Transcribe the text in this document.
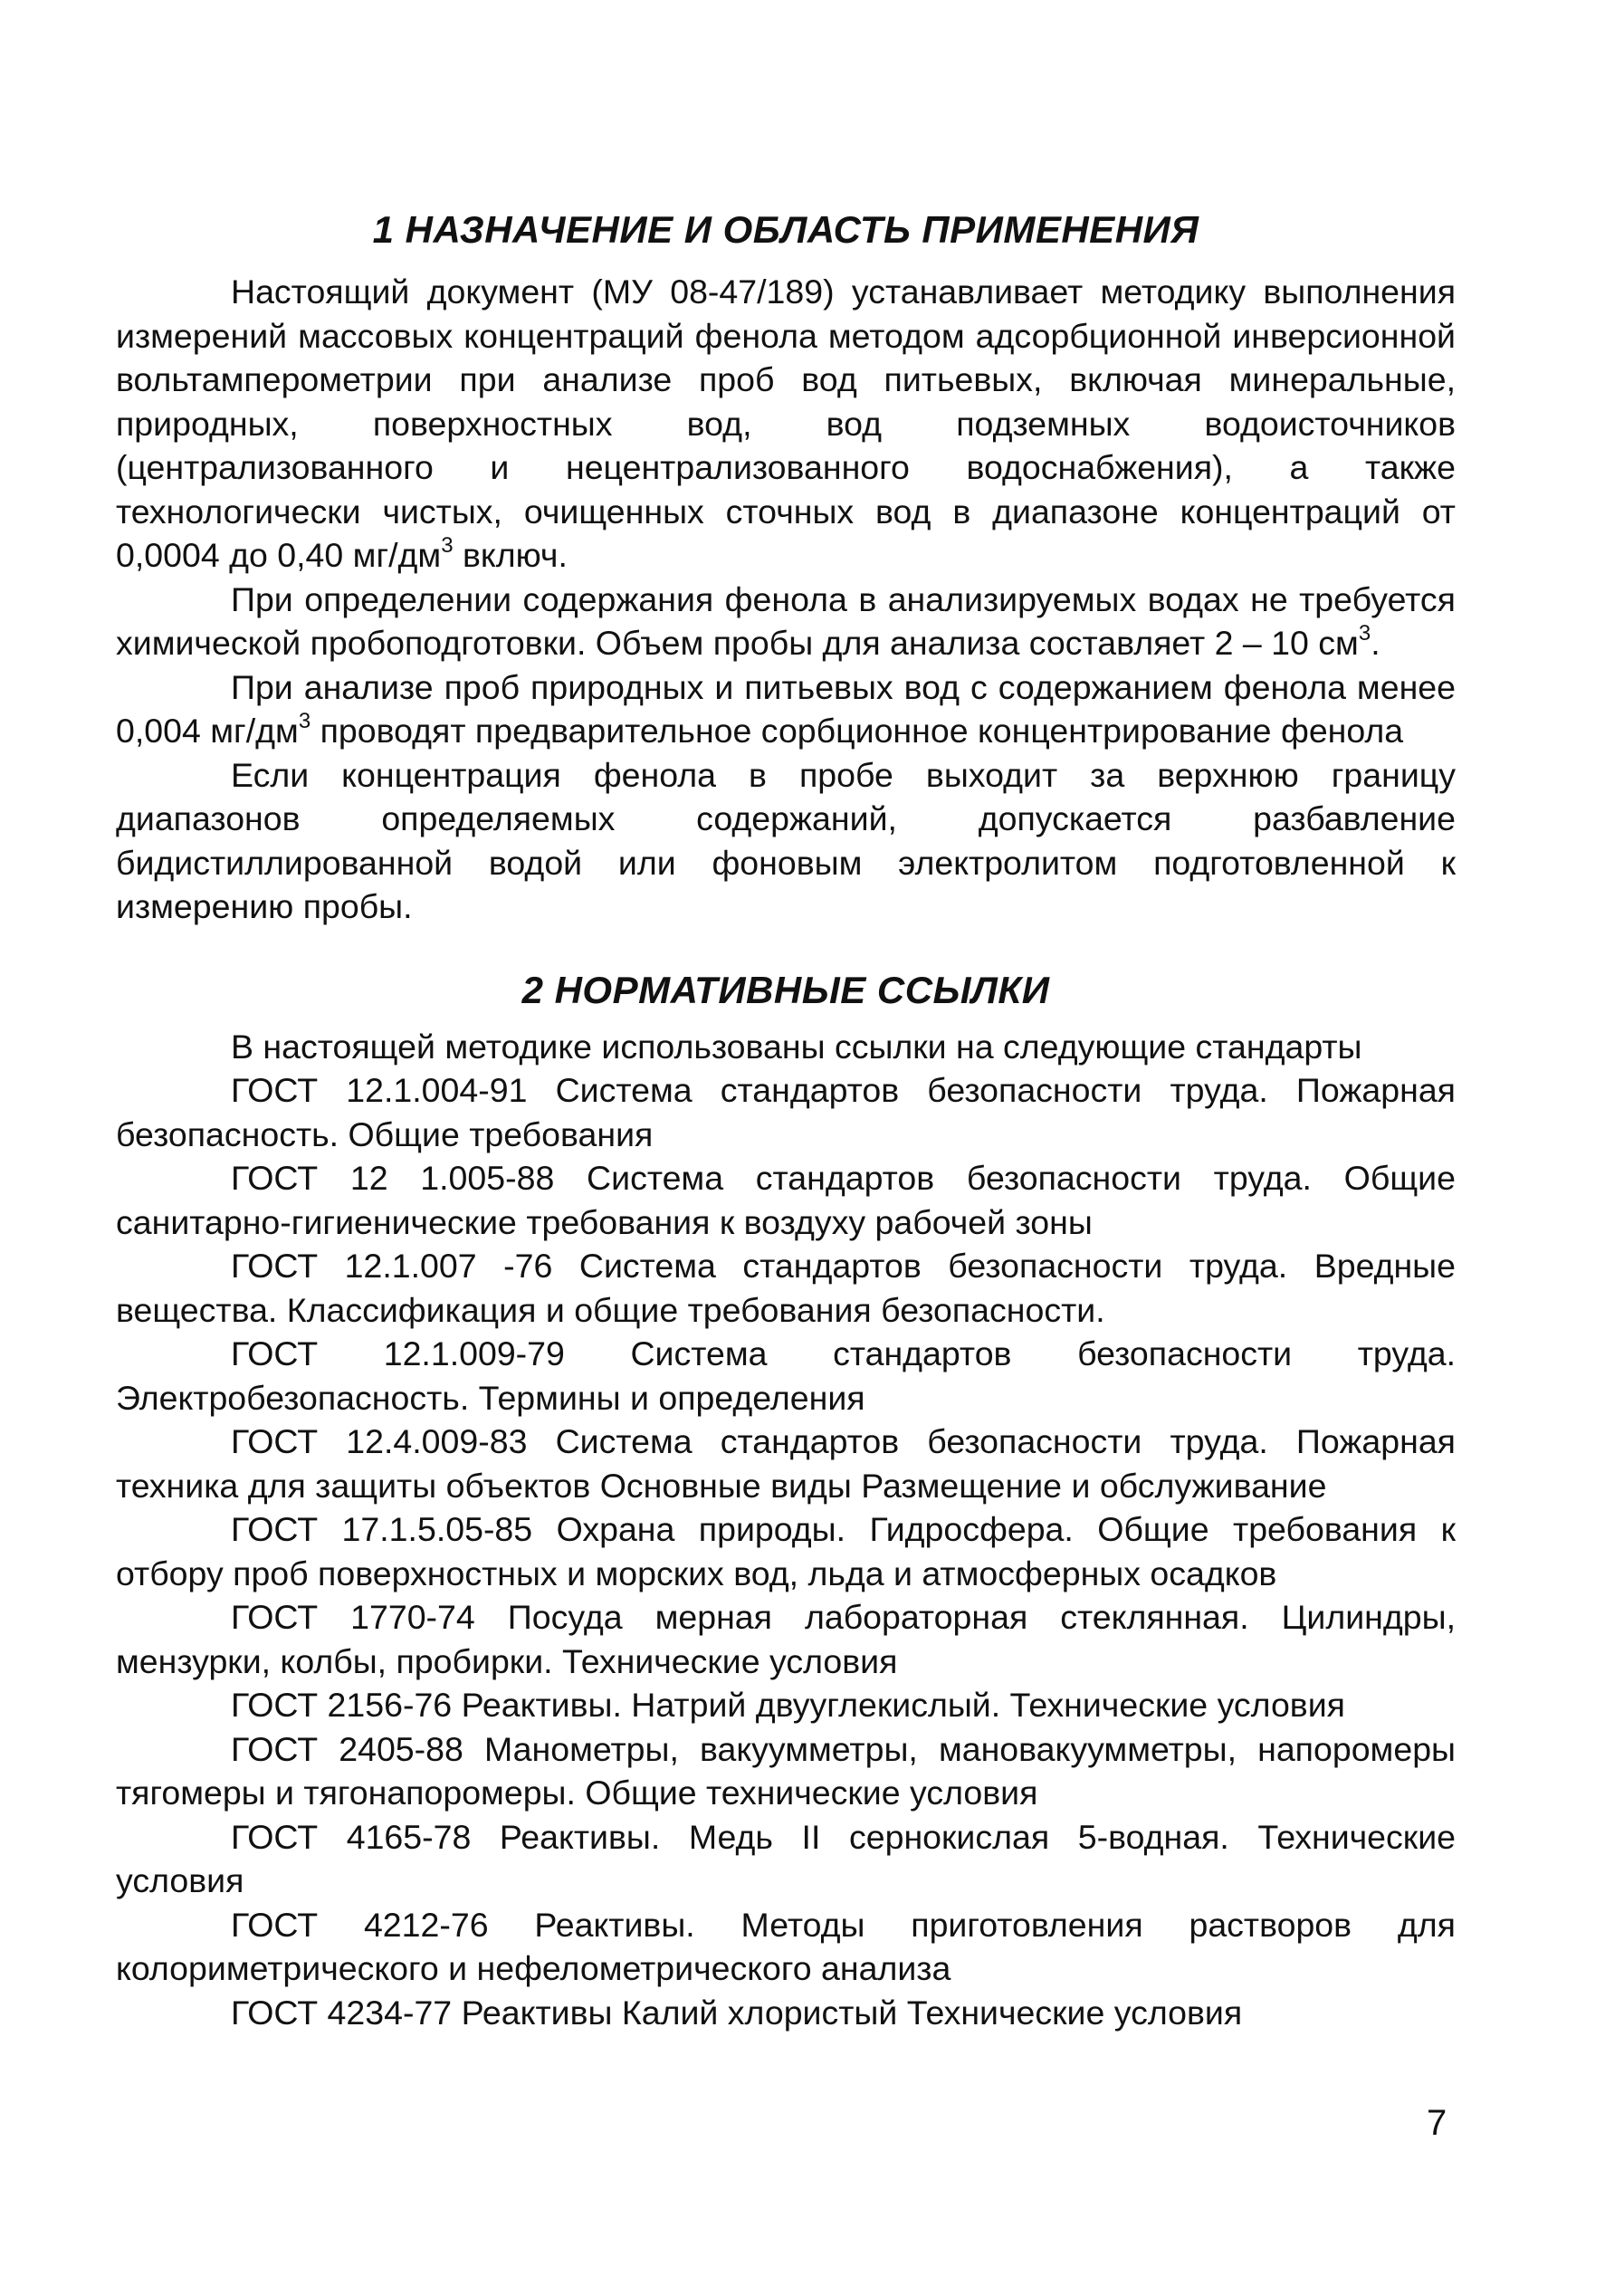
1 НАЗНАЧЕНИЕ И ОБЛАСТЬ ПРИМЕНЕНИЯ

Настоящий документ (МУ 08-47/189) устанавливает методику выполнения измерений массовых концентраций фенола методом адсорбционной инверсионной вольтамперометрии при анализе проб вод питьевых, включая минеральные, природных, поверхностных вод, вод подземных водоисточников (централизованного и нецентрализованного водоснабжения), а также технологически чистых, очищенных сточных вод в диапазоне концентраций от 0,0004 до 0,40 $мг/дм^3$ включ.

При определении содержания фенола в анализируемых водах не требуется химической пробоподготовки. Объем пробы для анализа составляет 2 – 10 $см^3$.

При анализе проб природных и питьевых вод с содержанием фенола менее 0,004 $мг/дм^3$ проводят предварительное сорбционное концентрирование фенола

Если концентрация фенола в пробе выходит за верхнюю границу диапазонов определяемых содержаний, допускается разбавление бидистиллированной водой или фоновым электролитом подготовленной к измерению пробы.

2 НОРМАТИВНЫЕ ССЫЛКИ

В настоящей методике использованы ссылки на следующие стандарты

ГОСТ 12.1.004-91 Система стандартов безопасности труда. Пожарная безопасность. Общие требования

ГОСТ 12 1.005-88 Система стандартов безопасности труда. Общие санитарно-гигиенические требования к воздуху рабочей зоны

ГОСТ 12.1.007 -76 Система стандартов безопасности труда. Вредные вещества. Классификация и общие требования безопасности.

ГОСТ 12.1.009-79 Система стандартов безопасности труда. Электробезопасность. Термины и определения

ГОСТ 12.4.009-83 Система стандартов безопасности труда. Пожарная техника для защиты объектов Основные виды Размещение и обслуживание

ГОСТ 17.1.5.05-85 Охрана природы. Гидросфера. Общие требования к отбору проб поверхностных и морских вод, льда и атмосферных осадков

ГОСТ 1770-74 Посуда мерная лабораторная стеклянная. Цилиндры, мензурки, колбы, пробирки. Технические условия

ГОСТ 2156-76 Реактивы. Натрий двууглекислый. Технические условия

ГОСТ 2405-88 Манометры, вакуумметры, мановакуумметры, напоромеры тягомеры и тягонапоромеры. Общие технические условия

ГОСТ 4165-78 Реактивы. Медь II сернокислая 5-водная. Технические условия

ГОСТ 4212-76 Реактивы. Методы приготовления растворов для колориметрического и нефелометрического анализа

ГОСТ 4234-77 Реактивы Калий хлористый Технические условия

7
